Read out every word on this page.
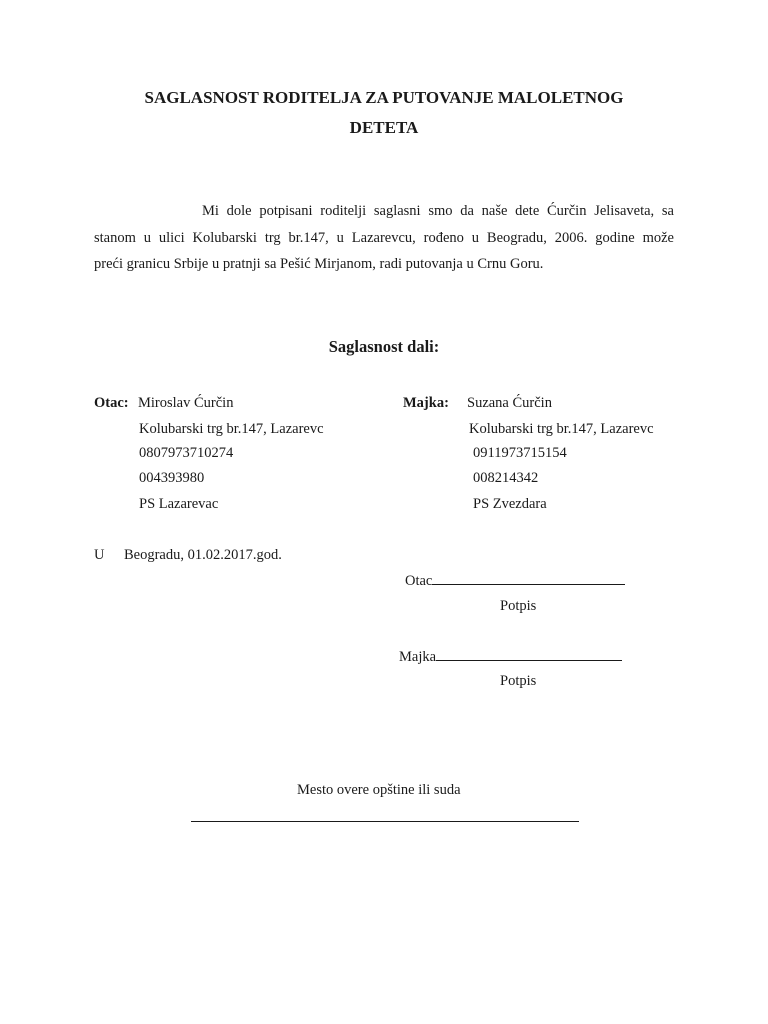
SAGLASNOST RODITELJA ZA PUTOVANJE MALOLETNOG
DETETA
Mi dole potpisani roditelji saglasni smo da naše dete Ćurčin Jelisaveta, sa
stanom u ulici Kolubarski trg br.147, u Lazarevcu, rođeno u Beogradu, 2006. godine može
preći granicu Srbije u pratnji sa Pešić Mirjanom, radi putovanja u Crnu Goru.
Saglasnost dali:
Otac: Miroslav Ćurčin
Kolubarski trg br.147, Lazarevc
0807973710274
004393980
PS Lazarevac
Majka: Suzana Ćurčin
Kolubarski trg br.147, Lazarevc
0911973715154
008214342
PS Zvezdara
U Beogradu, 01.02.2017.god.
Otac
Potpis
Majka
Potpis
Mesto overe opštine ili suda
